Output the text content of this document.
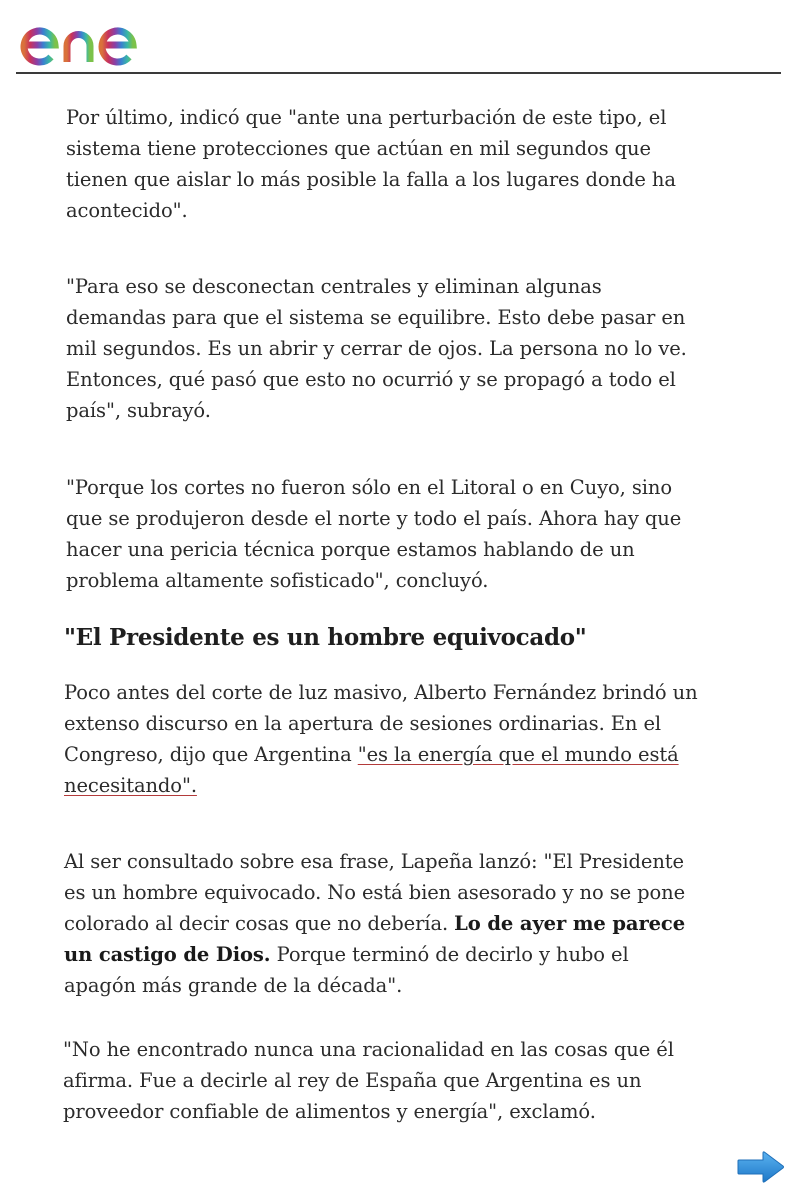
Por último, indicó que "ante una perturbación de este tipo, el sistema tiene protecciones que actúan en mil segundos que tienen que aislar lo más posible la falla a los lugares donde ha acontecido".

"Para eso se desconectan centrales y eliminan algunas demandas para que el sistema se equilibre. Esto debe pasar en mil segundos. Es un abrir y cerrar de ojos. La persona no lo ve. Entonces, qué pasó que esto no ocurrió y se propagó a todo el país", subrayó.

"Porque los cortes no fueron sólo en el Litoral o en Cuyo, sino que se produjeron desde el norte y todo el país. Ahora hay que hacer una pericia técnica porque estamos hablando de un problema altamente sofisticado", concluyó.

"El Presidente es un hombre equivocado"

Poco antes del corte de luz masivo, Alberto Fernández brindó un extenso discurso en la apertura de sesiones ordinarias. En el Congreso, dijo que Argentina "es la energía que el mundo está necesitando".

Al ser consultado sobre esa frase, Lapeña lanzó: "El Presidente es un hombre equivocado. No está bien asesorado y no se pone colorado al decir cosas que no debería. Lo de ayer me parece un castigo de Dios. Porque terminó de decirlo y hubo el apagón más grande de la década".

"No he encontrado nunca una racionalidad en las cosas que él afirma. Fue a decirle al rey de España que Argentina es un proveedor confiable de alimentos y energía", exclamó.
